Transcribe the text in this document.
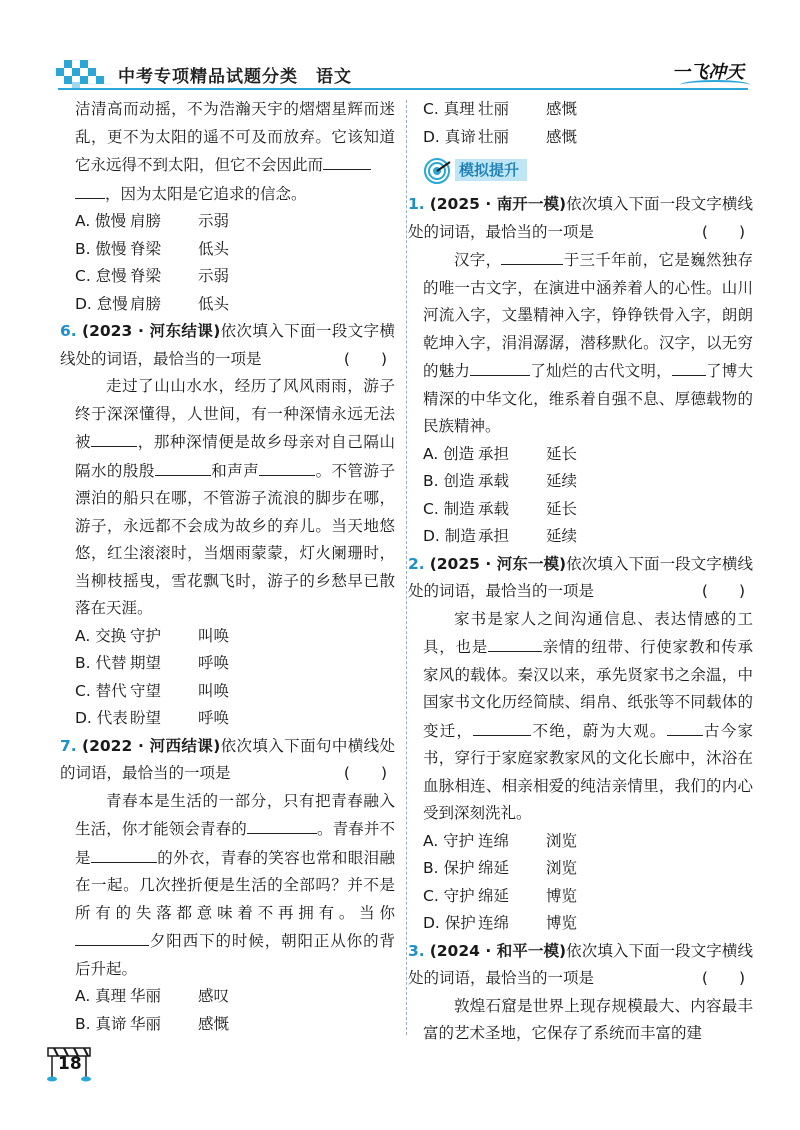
中考专项精品试题分类　语文	一飞冲天

洁清高而动摇，不为浩瀚天宇的熠熠星辉而迷乱，更不为太阳的遥不可及而放弃。它该知道它永远得不到太阳，但它不会因此而

，因为太阳是它追求的信念。

A. 傲慢 肩膀 示弱

B. 傲慢 脊梁 低头

C. 怠慢 脊梁 示弱

D. 怠慢 肩膀 低头

6. (2023 · 河东结课)依次填入下面一段文字横线处的词语，最恰当的一项是	(　　)

走过了山山水水，经历了风风雨雨，游子终于深深懂得，人世间，有一种深情永远无法被	，那种深情便是故乡母亲对自己隔山隔水的殷殷	和声声	。不管游子漂泊的船只在哪，不管游子流浪的脚步在哪，游子，永远都不会成为故乡的弃儿。当天地悠悠，红尘滚滚时，当烟雨蒙蒙，灯火阑珊时，当柳枝摇曳，雪花飘飞时，游子的乡愁早已散落在天涯。

A. 交换 守护 叫唤

B. 代替 期望 呼唤

C. 替代 守望 叫唤

D. 代表 盼望 呼唤

7. (2022 · 河西结课)依次填入下面句中横线处的词语，最恰当的一项是	(　　)

青春本是生活的一部分，只有把青春融入生活，你才能领会青春的	。青春并不是	的外衣，青春的笑容也常和眼泪融在一起。几次挫折便是生活的全部吗？并不是所有的失落都意味着不再拥有。当你夕阳西下的时候，朝阳正从你的背后升起。

A. 真理 华丽 感叹

B. 真谛 华丽 感慨

C. 真理 壮丽 感慨

D. 真谛 壮丽 感慨

模拟提升

1. (2025 · 南开一模)依次填入下面一段文字横线处的词语，最恰当的一项是	(　　)

汉字，	于三千年前，它是巍然独存的唯一古文字，在演进中涵养着人的心性。山川河流入字，文墨精神入字，铮铮铁骨入字，朗朗乾坤入字，涓涓潺潺，潜移默化。汉字，以无穷的魅力	了灿烂的古代文明， 了博大精深的中华文化，维系着自强不息、厚德载物的民族精神。

A. 创造 承担 延长

B. 创造 承载 延续

C. 制造 承载 延长

D. 制造 承担 延续

2. (2025 · 河东一模)依次填入下面一段文字横线处的词语，最恰当的一项是	(　　)

家书是家人之间沟通信息、表达情感的工具，也是	亲情的纽带、行使家教和传承家风的载体。秦汉以来，承先贤家书之余温，中国家书文化历经简牍、绢帛、纸张等不同载体的变迁，	不绝，蔚为大观。 古今家书，穿行于家庭家教家风的文化长廊中，沐浴在血脉相连、相亲相爱的纯洁亲情里，我们的内心受到深刻洗礼。

A. 守护 连绵 浏览

B. 保护 绵延 浏览

C. 守护 绵延 博览

D. 保护 连绵 博览

3. (2024 · 和平一模)依次填入下面一段文字横线处的词语，最恰当的一项是	(　　)

敦煌石窟是世界上现存规模最大、内容最丰富的艺术圣地，它保存了系统而丰富的建

18
